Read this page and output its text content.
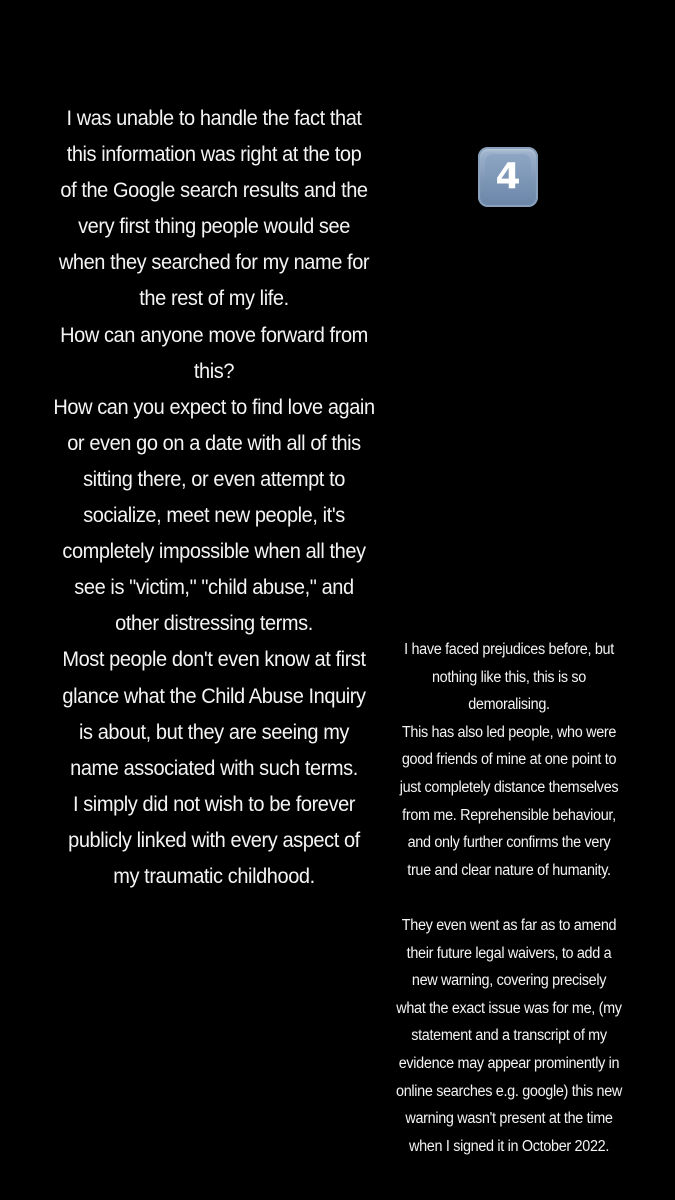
I was unable to handle the fact that
this information was right at the top
of the Google search results and the
very first thing people would see
when they searched for my name for
the rest of my life.
How can anyone move forward from
this?
How can you expect to find love again
or even go on a date with all of this
sitting there, or even attempt to
socialize, meet new people, it's
completely impossible when all they
see is "victim," "child abuse," and
other distressing terms.
Most people don't even know at first
glance what the Child Abuse Inquiry
is about, but they are seeing my
name associated with such terms.
I simply did not wish to be forever
publicly linked with every aspect of
my traumatic childhood.
4
I have faced prejudices before, but
nothing like this, this is so
demoralising.
This has also led people, who were
good friends of mine at one point to
just completely distance themselves
from me. Reprehensible behaviour,
and only further confirms the very
true and clear nature of humanity.

They even went as far as to amend
their future legal waivers, to add a
new warning, covering precisely
what the exact issue was for me, (my
statement and a transcript of my
evidence may appear prominently in
online searches e.g. google) this new
warning wasn't present at the time
when I signed it in October 2022.
